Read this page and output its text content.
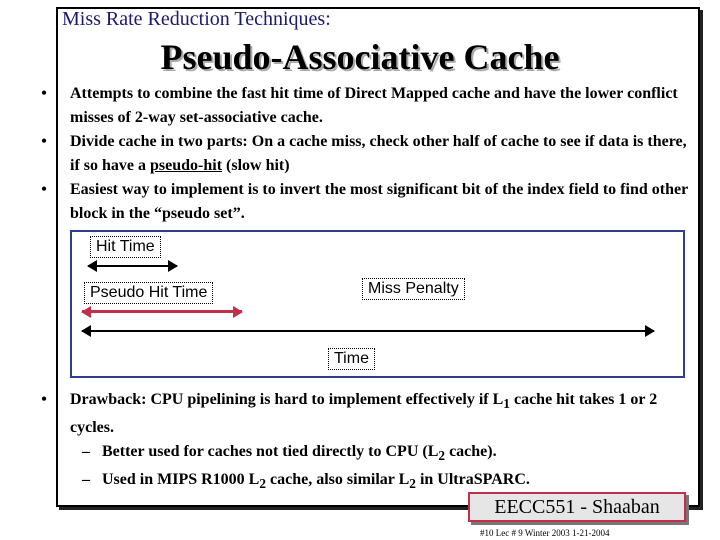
Miss Rate Reduction Techniques:
Pseudo-Associative Cache
•	Attempts to combine the fast hit time of Direct Mapped cache and have the lower conflict misses of 2-way set-associative cache.
•	Divide cache in two parts: On a cache miss, check other half of cache to see if data is there, if so have a pseudo-hit (slow hit)
•	Easiest way to implement is to invert the most significant bit of the index field to find other block in the “pseudo set”.
Hit Time
Pseudo Hit Time	Miss Penalty
Time
•	Drawback: CPU pipelining is hard to implement effectively if $L_1$ cache hit takes 1 or 2 cycles.
– Better used for caches not tied directly to CPU ($L_2$ cache).
– Used in MIPS R1000 $L_2$ cache, also similar $L_2$ in UltraSPARC.
EECC551 - Shaaban
#10 Lec # 9 Winter 2003 1-21-2004
